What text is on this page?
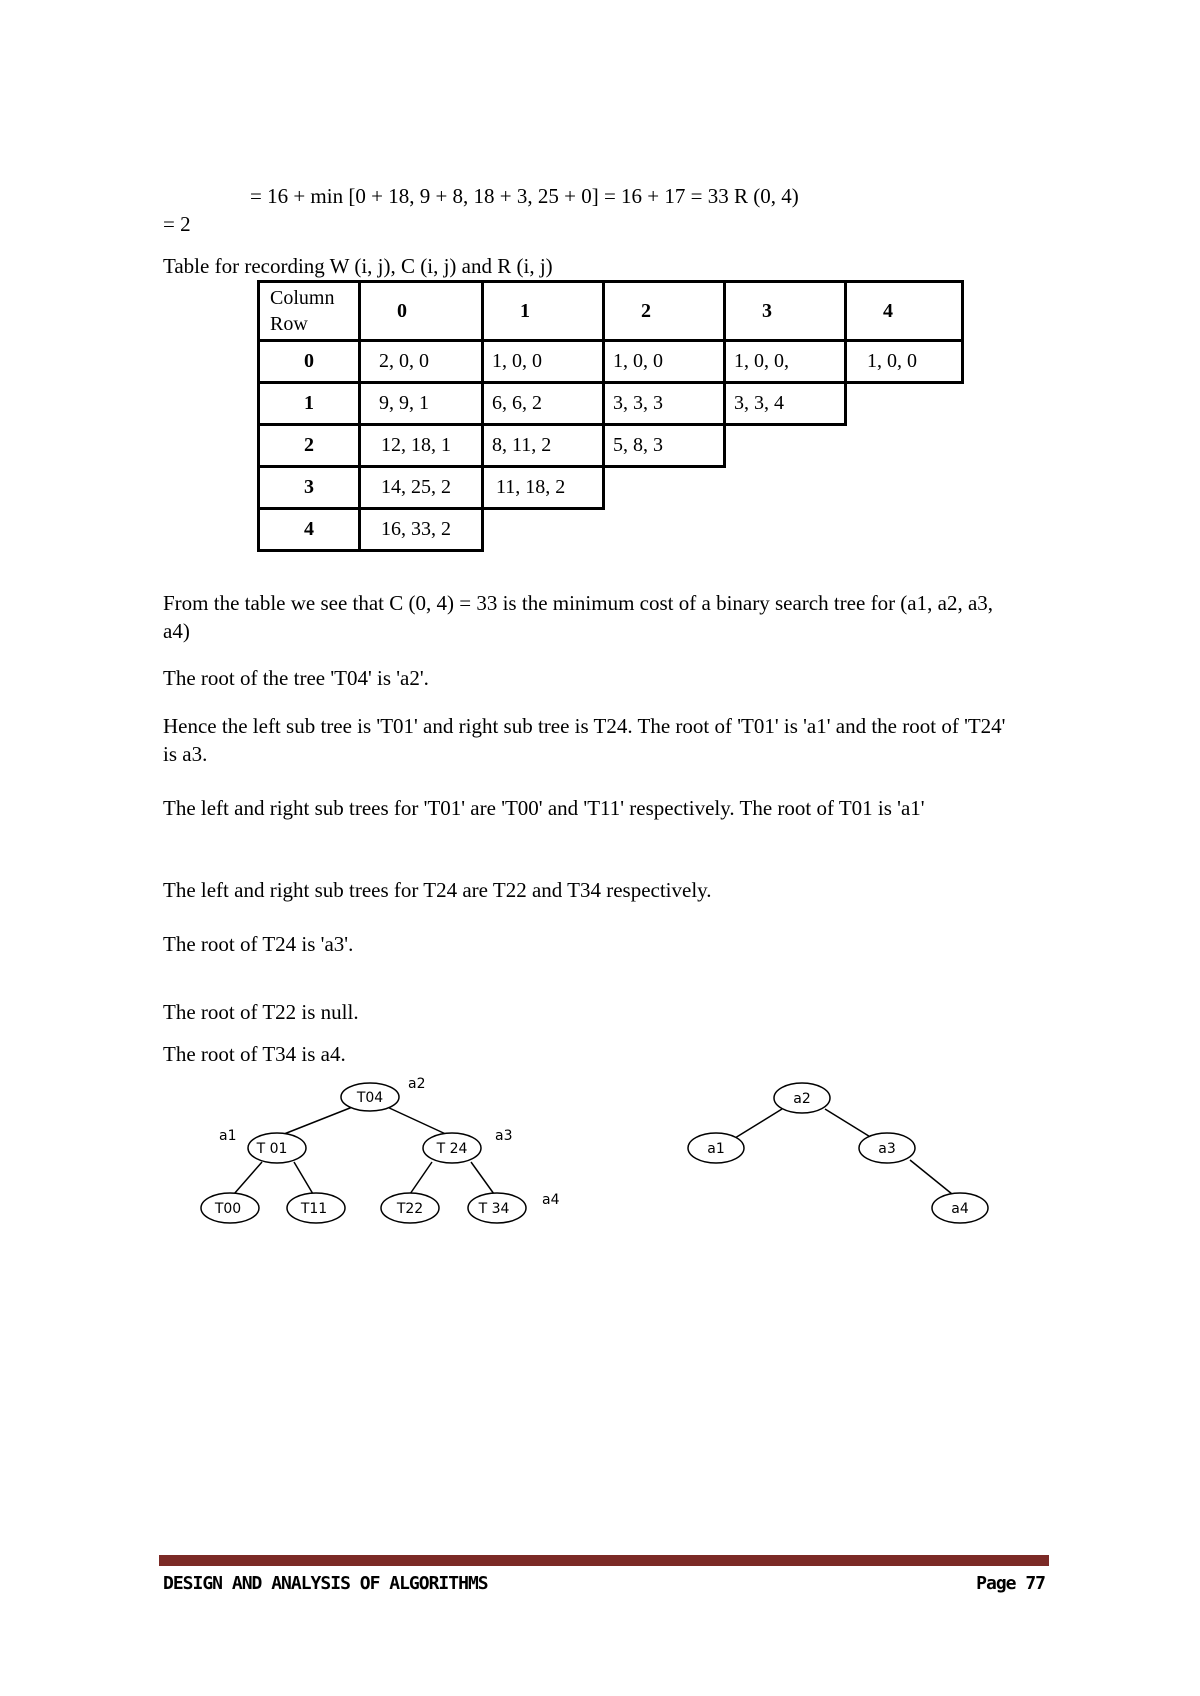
= 16 + min [0 + 18, 9 + 8, 18 + 3, 25 + 0] = 16 + 17 = 33 R (0, 4)
= 2
Table for recording W (i, j), C (i, j) and R (i, j)
Column
Row	0	1	2	3	4
0	2, 0, 0	1, 0, 0	1, 0, 0	1, 0, 0,	1, 0, 0
1	9, 9, 1	6, 6, 2	3, 3, 3	3, 3, 4	
2	12, 18, 1	8, 11, 2	5, 8, 3		
3	14, 25, 2	11, 18, 2			
4	16, 33, 2				
From the table we see that C (0, 4) = 33 is the minimum cost of a binary search tree for (a1, a2, a3, a4)
The root of the tree 'T04' is 'a2'.
Hence the left sub tree is 'T01' and right sub tree is T24. The root of 'T01' is 'a1' and the root of 'T24' is a3.
The left and right sub trees for 'T01' are 'T00' and 'T11' respectively. The root of T01 is 'a1'
The left and right sub trees for T24 are T22 and T34 respectively.
The root of T24 is 'a3'.
The root of T22 is null.
The root of T34 is a4.
T04
T 01	T 24
T00	T11	T22	T 34
a2
a1	a3
a4
a2
a1	a3
a4
DESIGN AND ANALYSIS OF ALGORITHMS	Page 77
